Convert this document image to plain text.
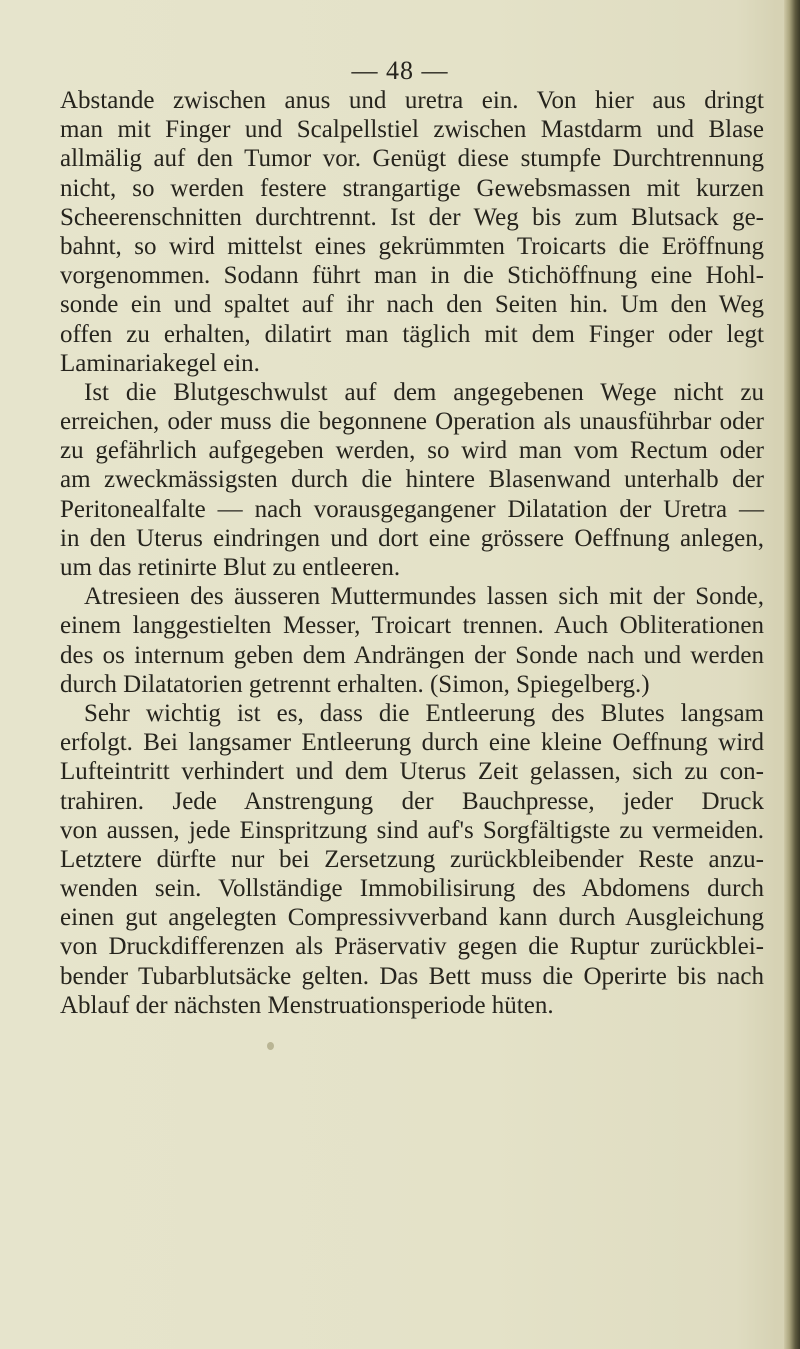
— 48 —
Abstande zwischen anus und uretra ein. Von hier aus dringt
man mit Finger und Scalpellstiel zwischen Mastdarm und Blase
allmälig auf den Tumor vor. Genügt diese stumpfe Durchtrennung
nicht, so werden festere strangartige Gewebsmassen mit kurzen
Scheerenschnitten durchtrennt. Ist der Weg bis zum Blutsack ge-
bahnt, so wird mittelst eines gekrümmten Troicarts die Eröffnung
vorgenommen. Sodann führt man in die Stichöffnung eine Hohl-
sonde ein und spaltet auf ihr nach den Seiten hin. Um den Weg
offen zu erhalten, dilatirt man täglich mit dem Finger oder legt
Laminariakegel ein.
Ist die Blutgeschwulst auf dem angegebenen Wege nicht zu
erreichen, oder muss die begonnene Operation als unausführbar oder
zu gefährlich aufgegeben werden, so wird man vom Rectum oder
am zweckmässigsten durch die hintere Blasenwand unterhalb der
Peritonealfalte — nach vorausgegangener Dilatation der Uretra —
in den Uterus eindringen und dort eine grössere Oeffnung anlegen,
um das retinirte Blut zu entleeren.
Atresieen des äusseren Muttermundes lassen sich mit der Sonde,
einem langgestielten Messer, Troicart trennen. Auch Obliterationen
des os internum geben dem Andrängen der Sonde nach und werden
durch Dilatatorien getrennt erhalten. (Simon, Spiegelberg.)
Sehr wichtig ist es, dass die Entleerung des Blutes langsam
erfolgt. Bei langsamer Entleerung durch eine kleine Oeffnung wird
Lufteintritt verhindert und dem Uterus Zeit gelassen, sich zu con-
trahiren. Jede Anstrengung der Bauchpresse, jeder Druck
von aussen, jede Einspritzung sind auf's Sorgfältigste zu vermeiden.
Letztere dürfte nur bei Zersetzung zurückbleibender Reste anzu-
wenden sein. Vollständige Immobilisirung des Abdomens durch
einen gut angelegten Compressivverband kann durch Ausgleichung
von Druckdifferenzen als Präservativ gegen die Ruptur zurückblei-
bender Tubarblutsäcke gelten. Das Bett muss die Operirte bis nach
Ablauf der nächsten Menstruationsperiode hüten.
